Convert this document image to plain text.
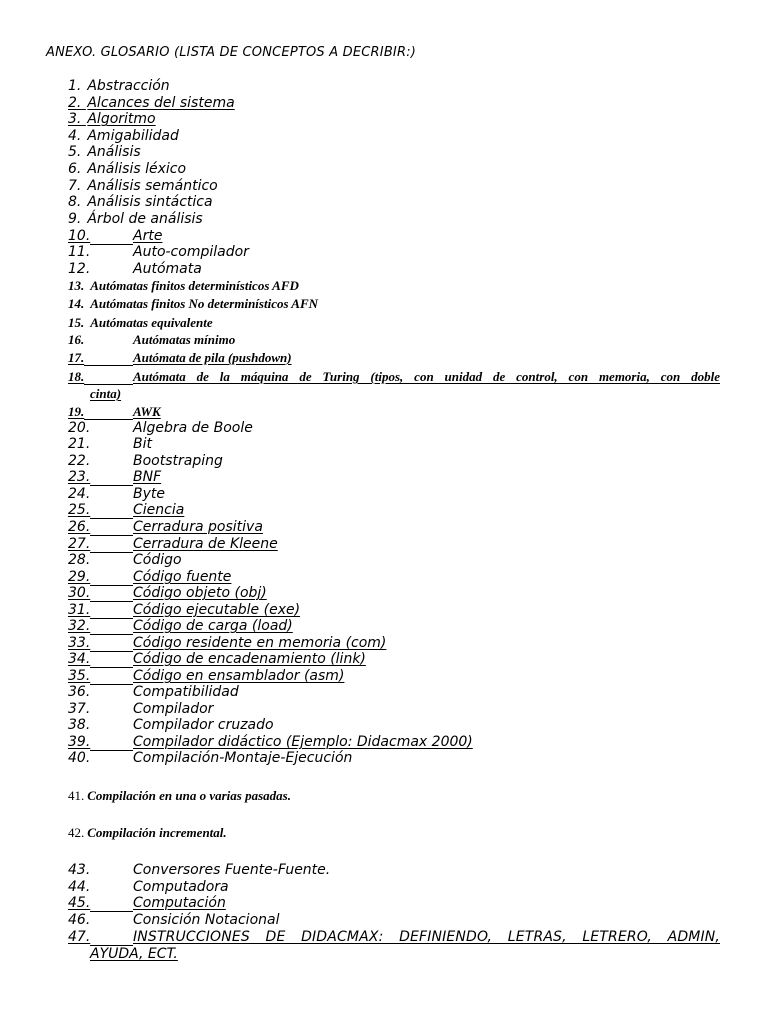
ANEXO. GLOSARIO (LISTA DE CONCEPTOS A DECRIBIR:)
1. Abstracción
2. Alcances del sistema
3. Algoritmo
4. Amigabilidad
5. Análisis
6. Análisis léxico
7. Análisis semántico
8. Análisis sintáctica
9. Árbol de análisis
10.	Arte
11.	Auto-compilador
12.	Autómata
13. Autómatas finitos determinísticos AFD
14. Autómatas finitos No determinísticos AFN
15. Autómatas equivalente
16.	Autómatas mínimo
17.	Autómata de pila (pushdown)
cinta)
18.	Autómata de la máquina de Turing (tipos, con unidad de control, con memoria, con doble
19.	AWK
20.	Algebra de Boole
21.	Bit
22.	Bootstraping
23.	BNF
24.	Byte
25.	Ciencia
26.	Cerradura positiva
27.	Cerradura de Kleene
28.	Código
29.	Código fuente
30.	Código objeto (obj)
31.	Código ejecutable (exe)
32.	Código de carga (load)
33.	Código residente en memoria (com)
34.	Código de encadenamiento (link)
35.	Código en ensamblador (asm)
36.	Compatibilidad
37.	Compilador
38.	Compilador cruzado
39.	Compilador didáctico (Ejemplo: Didacmax 2000)
40.	Compilación-Montaje-Ejecución
41. Compilación en una o varias pasadas.
42. Compilación incremental.
43.	Conversores Fuente-Fuente.
44.	Computadora
45.	Computación
46.	Consición Notacional
AYUDA, ECT.
47.	INSTRUCCIONES DE DIDACMAX: DEFINIENDO, LETRAS, LETRERO, ADMIN,
